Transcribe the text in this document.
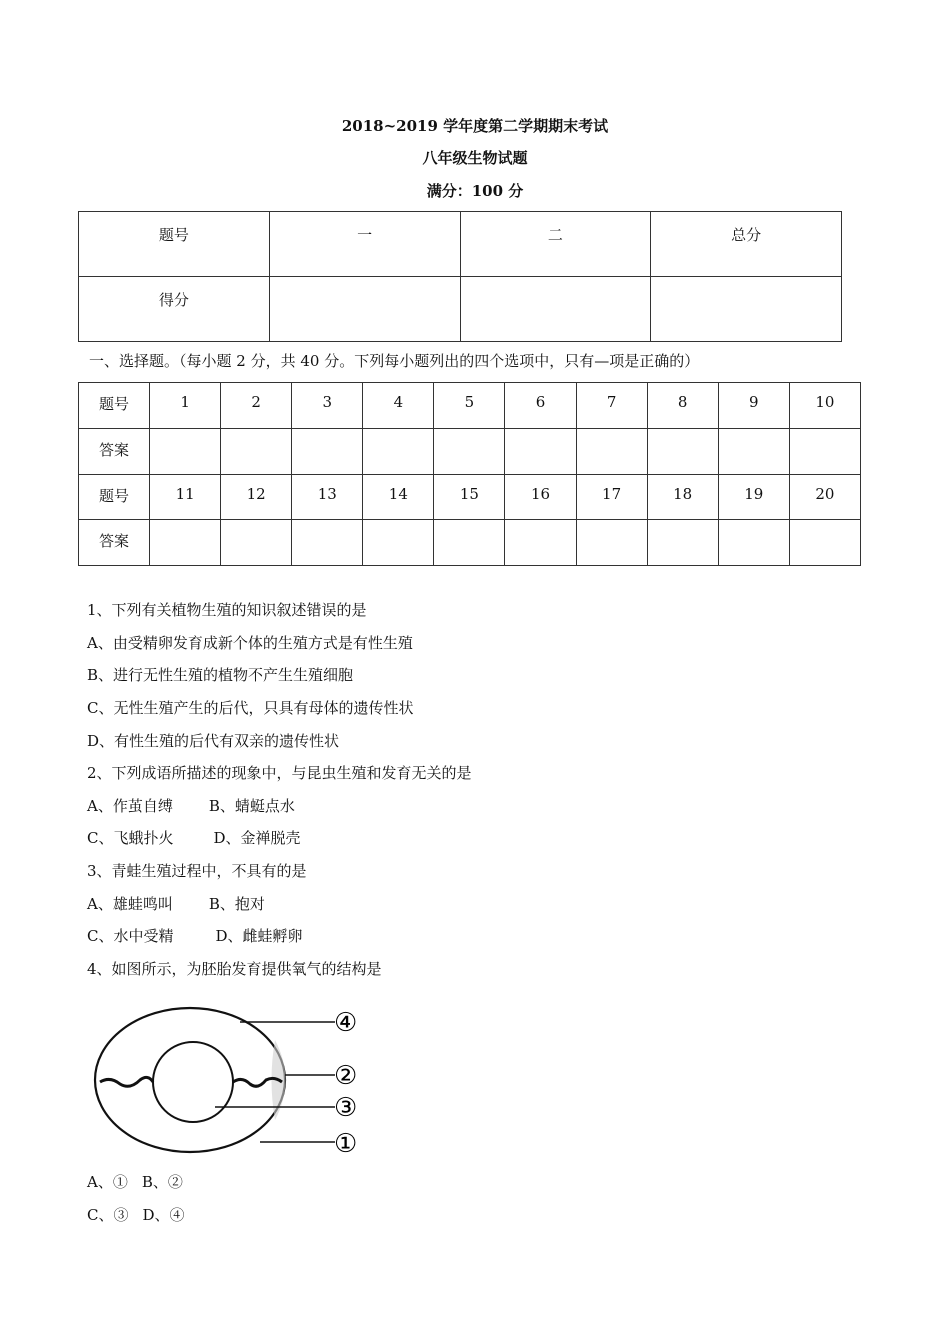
2018~2019 学年度第二学期期末考试
八年级生物试题
满分：100 分
题号	一	二	总分
得分			
一、选择题。（每小题 2 分，共 40 分。下列每小题列出的四个选项中，只有—项是正确的）
题号	1	2	3	4	5	6	7	8	9	10
答案										
题号	11	12	13	14	15	16	17	18	19	20
答案										
1、下列有关植物生殖的知识叙述错误的是
A、由受精卵发育成新个体的生殖方式是有性生殖
B、进行无性生殖的植物不产生生殖细胞
C、无性生殖产生的后代，只具有母体的遗传性状
D、有性生殖的后代有双亲的遗传性状
2、下列成语所描述的现象中，与昆虫生殖和发育无关的是
A、作茧自缚 B、蜻蜓点水
C、飞蛾扑火	D、金禅脱壳
3、青蛙生殖过程中，不具有的是
A、雄蛙鸣叫 B、抱对
C、水中受精	D、雌蛙孵卵
4、如图所示，为胚胎发育提供氧气的结构是
④
②
③
①
A、① B、②
C、③ D、④
